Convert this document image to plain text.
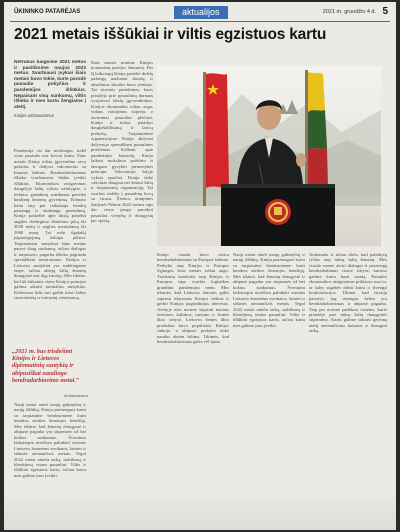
ŪKININKO PATARĖJAS	aktualijos	2021 m. gruodžio 4 d. 5
2021 metais iššūkiai ir viltis egzistuos kartu

Netrukus baigsime 2021 metus ir pasitiksime naujus 2022 metus. Svarbiausi įvykiai šiais metais buvo tokie, kurie parodė pasaulio pokyčius ir pandemijos iššūkius. Nepaisant visų sunkumų, viltis išlieka ir mes kartu žengiame į ateitį.

Kinijos ambasadorius

Pandemija vis dar nesibaigia, todėl visas pasaulis turi kovoti kartu. Šiais metais Kinija toliau įgyvendino savo pažadus ir dalijosi vakcinomis su kitomis šalimis. Bendradarbiavimas išlieka svarbiausias būdas įveikti iššūkius. Ekonomikos atsigavimas daugelyje šalių vyksta netolygiai, o tiekimo grandinių sutrikimai paveikė kasdienį žmonių gyvenimą. Klimato kaita taip pat reikalauja bendrų pastangų ir atsakingų sprendimų. Kinija paskelbė apie tikslą pasiekti anglies dvideginio išmetimo piką iki 2030 metų ir anglies neutralumą iki 2060 metų. Tai rodo ilgalaikį įsipareigojimą žaliajai plėtrai. Tarptautiniai santykiai šiais metais patyrė daug sunkumų, tačiau dialogas ir tarpusavio pagarba išlieka pagrindu sprendžiant nesutarimus. Kinijos ir Lietuvos santykiai yra sudėtingame etape, tačiau abiejų šalių žmonių draugystė turi ilgą istoriją. Mes tikime, kad tik laikantis vieno Kinijos principo galima atkurti normalius santykius. Kiekviena šalis turi gerbti kitos šalies suverenitetą ir teritorinį vientisumą.

Nauji metai atneš naujų galimybių ir naujų iššūkių. Kinija pasirengusi kartu su tarptautine bendruomene kurti bendros ateities žmonijos bendriją. Mes tikime, kad žmonių draugystė ir abipusė pagarba yra stipresnės už bet kokius sunkumus. Šventiniu laikotarpiu norėčiau palinkėti visiems Lietuvos žmonėms sveikatos, laimės ir sėkmės ateinančiais metais. Tegul 2022 metai atneša taiką, stabilumą ir klestėjimą visam pasauliui. Viltis ir iššūkiai egzistuos kartu, tačiau kartu mes galime juos įveikti.

Šiais metais minime Kinijos komunistų partijos šimtmetį. Per šį laikotarpį Kinija pasiekė didelę pažangą mažinant skurdą, ir absoliutus skurdas buvo įveiktas. Tai istorinis pasiekimas, kuris prisidėjo prie pasaulinių darnaus vystymosi tikslų įgyvendinimo. Kinijos ekonomika toliau auga, vidaus vartojimas stiprėja, o atvirumas pasauliui plečiasi. Kinija ir toliau palaikys daugiašališkumą ir laisvą prekybą. Tarptautinėse organizacijose Kinija aktyviai dalyvauja sprendžiant pasaulines problemas. Kalbant apie pandemijos kontrolę, Kinija laikosi mokslinio požiūrio ir žmogaus gyvybės pirmenybės principo. Vakcinacija šalyje vyksta sparčiai. Kinija tiekė vakcinas daugiau nei šimtui šalių ir tarptautinių organizacijų. Tai svarbus indėlis į pasaulinę kovą su virusu. Žiemos olimpinės žaidynės Pekine 2022 metais taps dar viena proga parodyti pasauliui vienybę ir draugystę per sportą.

„2021 m. bus trisdešimt Kinijos ir Lietuvos diplomatinių santykių ir abipusiškai naudingo bendradarbiavimo metai.“
Ambasadorius

Kinija visada buvo atvira bendradarbiavimui su Europos šalimis. Prekyba tarp Kinijos ir Europos Sąjungos šiais metais toliau augo. Traukinių maršrutai tarp Kinijos ir Europos tapo svarbia logistikos grandimi pandemijos metu. Mes tikimės, kad Lietuvos žmonės galės suprasti tikruosius Kinijos siekius ir gerbti Kinijos pagrindinius interesus. Ateityje mes norime stiprinti mainus švietimo, kultūros, turizmo ir žemės ūkio srityse. Lietuvos žemės ūkio produktai buvo populiarūs Kinijos rinkoje, o abipusė prekyba teikė naudos abiem šalims. Tikimės, kad bendradarbiavimas galės vėl tęstis.

Nauji metai atneš naujų galimybių ir naujų iššūkių. Kinija pasirengusi kartu su tarptautine bendruomene kurti bendros ateities žmonijos bendriją. Mes tikime, kad žmonių draugystė ir abipusė pagarba yra stipresnės už bet kokius sunkumus. Šventiniu laikotarpiu norėčiau palinkėti visiems Lietuvos žmonėms sveikatos, laimės ir sėkmės ateinančiais metais. Tegul 2022 metai atneša taiką, stabilumą ir klestėjimą visam pasauliui. Viltis ir iššūkiai egzistuos kartu, tačiau kartu mes galime juos įveikti.

Ambasada ir toliau dirbs, kad palaikytų ryšius tarp mūsų šalių žmonių. Mes visada esame atviri dialogui ir pasirengę bendradarbiauti visose srityse, kuriose galime kartu kurti naudą. Pasaulio ekonomikos atsigavimas priklauso nuo to, ar šalys sugebės dirbti kartu ir išvengti konfrontacijos. Tikime, kad istorija parodys, jog teisingas kelias yra bendradarbiavimas ir abipusė pagarba. Taip pat norime padėkoti visiems, kurie prisidėjo prie mūsų šalių draugystės stiprinimo. Kartu galime sukurti geresnę ateitį ateinančioms kartoms ir išsaugoti taiką.
